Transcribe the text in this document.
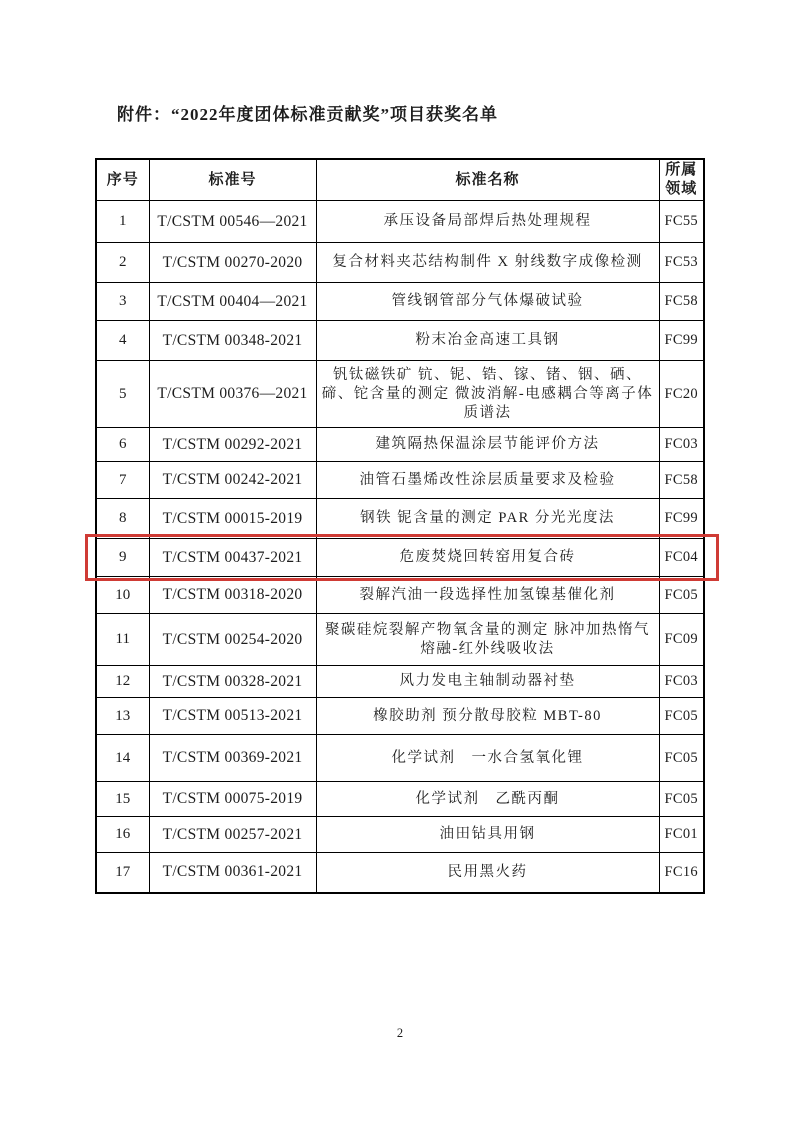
附件：“2022年度团体标准贡献奖”项目获奖名单
序号	标准号	标准名称	所属领域
1	T/CSTM 00546—2021	承压设备局部焊后热处理规程	FC55
2	T/CSTM 00270-2020	复合材料夹芯结构制件 X 射线数字成像检测	FC53
3	T/CSTM 00404—2021	管线钢管部分气体爆破试验	FC58
4	T/CSTM 00348-2021	粉末冶金高速工具钢	FC99
5	T/CSTM 00376—2021	钒钛磁铁矿 钪、铌、锆、镓、锗、铟、硒、碲、铊含量的测定 微波消解-电感耦合等离子体质谱法	FC20
6	T/CSTM 00292-2021	建筑隔热保温涂层节能评价方法	FC03
7	T/CSTM 00242-2021	油管石墨烯改性涂层质量要求及检验	FC58
8	T/CSTM 00015-2019	钢铁 铌含量的测定 PAR 分光光度法	FC99
9	T/CSTM 00437-2021	危废焚烧回转窑用复合砖	FC04
10	T/CSTM 00318-2020	裂解汽油一段选择性加氢镍基催化剂	FC05
11	T/CSTM 00254-2020	聚碳硅烷裂解产物氧含量的测定 脉冲加热惰气熔融-红外线吸收法	FC09
12	T/CSTM 00328-2021	风力发电主轴制动器衬垫	FC03
13	T/CSTM 00513-2021	橡胶助剂 预分散母胶粒 MBT-80	FC05
14	T/CSTM 00369-2021	化学试剂　一水合氢氧化锂	FC05
15	T/CSTM 00075-2019	化学试剂　乙酰丙酮	FC05
16	T/CSTM 00257-2021	油田钻具用钢	FC01
17	T/CSTM 00361-2021	民用黑火药	FC16
2
